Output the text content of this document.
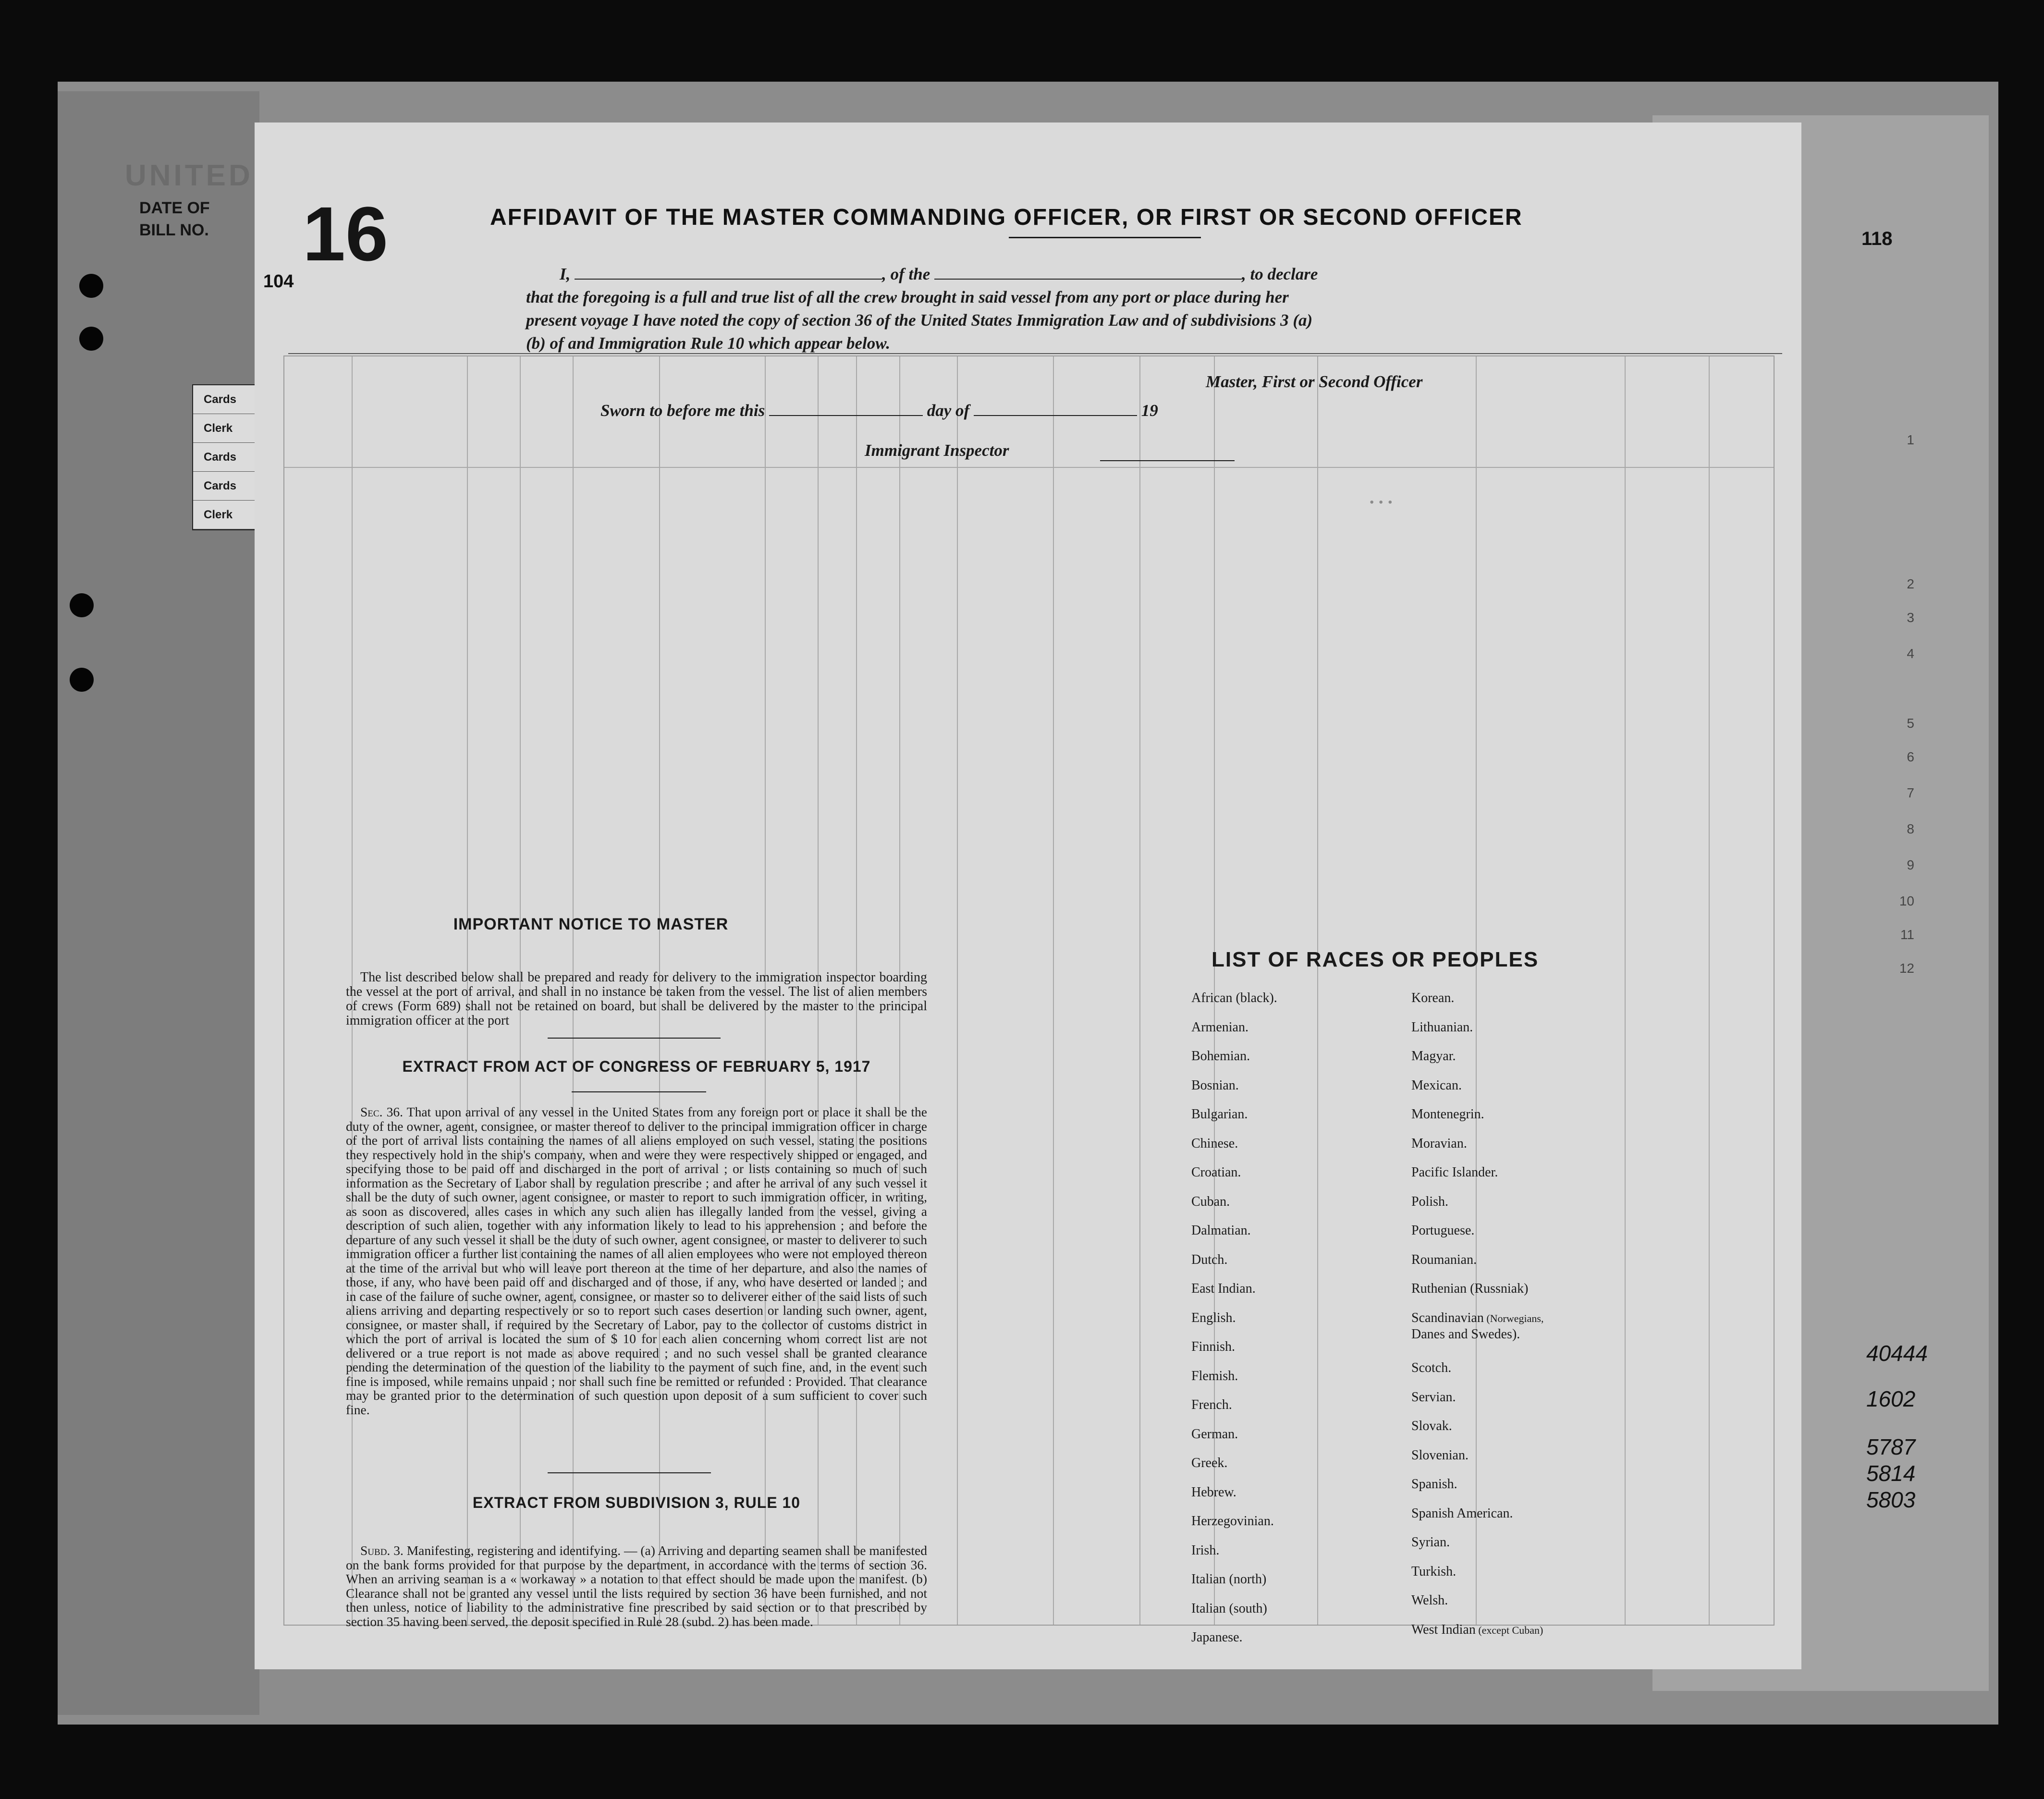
UNITED
DATE OF
BILL NO.
Cards
Clerk
Cards
Cards
Clerk
118
1
2
3
4
5
6
7
8
9
10
11
12
40444
1602
5787
5814
5803
• • •
AFFIDAVIT OF THE MASTER COMMANDING OFFICER, OR FIRST OR SECOND OFFICER
I,	, of the	, to declare
that the foregoing is a full and true list of all the crew brought in said vessel from any port or place during her
present voyage I have noted the copy of section 36 of the United States Immigration Law and of subdivisions 3 (a)
(b) of and Immigration Rule 10 which appear below.
Master, First or Second Officer
Sworn to before me this	day of	19
Immigrant Inspector
IMPORTANT NOTICE TO MASTER
The list described below shall be prepared and ready for delivery to the immigration inspector boarding the vessel at the port of arrival, and shall in no instance be taken from the vessel. The list of alien members of crews (Form 689) shall not be retained on board, but shall be delivered by the master to the principal immigration officer at the port
EXTRACT FROM ACT OF CONGRESS OF FEBRUARY 5, 1917
Sec. 36. That upon arrival of any vessel in the United States from any foreign port or place it shall be the duty of the owner, agent, consignee, or master thereof to deliver to the principal immigration officer in charge of the port of arrival lists containing the names of all aliens employed on such vessel, stating the positions they respectively hold in the ship's company, when and were they were respectively shipped or engaged, and specifying those to be paid off and discharged in the port of arrival ; or lists containing so much of such information as the Secretary of Labor shall by regulation prescribe ; and after he arrival of any such vessel it shall be the duty of such owner, agent consignee, or master to report to such immigration officer, in writing, as soon as discovered, alles cases in which any such alien has illegally landed from the vessel, giving a description of such alien, together with any information likely to lead to his apprehension ; and before the departure of any such vessel it shall be the duty of such owner, agent consignee, or master to deliverer to such immigration officer a further list containing the names of all alien employees who were not employed thereon at the time of the arrival but who will leave port thereon at the time of her departure, and also the names of those, if any, who have been paid off and discharged and of those, if any, who have deserted or landed ; and in case of the failure of suche owner, agent, consignee, or master so to deliverer either of the said lists of such aliens arriving and departing respectively or so to report such cases desertion or landing such owner, agent, consignee, or master shall, if required by the Secretary of Labor, pay to the collector of customs district in which the port of arrival is located the sum of $ 10 for each alien concerning whom correct list are not delivered or a true report is not made as above required ; and no such vessel shall be granted clearance pending the determination of the question of the liability to the payment of such fine, and, in the event such fine is imposed, while remains unpaid ; nor shall such fine be remitted or refunded : Provided. That clearance may be granted prior to the determination of such question upon deposit of a sum sufficient to cover such fine.
EXTRACT FROM SUBDIVISION 3, RULE 10
Subd. 3. Manifesting, registering and identifying. — (a) Arriving and departing seamen shall be manifested on the bank forms provided for that purpose by the department, in accordance with the terms of section 36. When an arriving seaman is a « workaway » a notation to that effect should be made upon the manifest. (b) Clearance shall not be granted any vessel until the lists required by section 36 have been furnished, and not then unless, notice of liability to the administrative fine prescribed by said section or to that prescribed by section 35 having been served, the deposit specified in Rule 28 (subd. 2) has been made.
LIST OF RACES OR PEOPLES
African (black).
Armenian.
Bohemian.
Bosnian.
Bulgarian.
Chinese.
Croatian.
Cuban.
Dalmatian.
Dutch.
East Indian.
English.
Finnish.
Flemish.
French.
German.
Greek.
Hebrew.
Herzegovinian.
Irish.
Italian (north)
Italian (south)
Japanese.
Korean.
Lithuanian.
Magyar.
Mexican.
Montenegrin.
Moravian.
Pacific Islander.
Polish.
Portuguese.
Roumanian.
Ruthenian (Russniak)
Scandinavian (Norwegians,
Danes and Swedes).
Scotch.
Servian.
Slovak.
Slovenian.
Spanish.
Spanish American.
Syrian.
Turkish.
Welsh.
West Indian (except Cuban)
16
104
